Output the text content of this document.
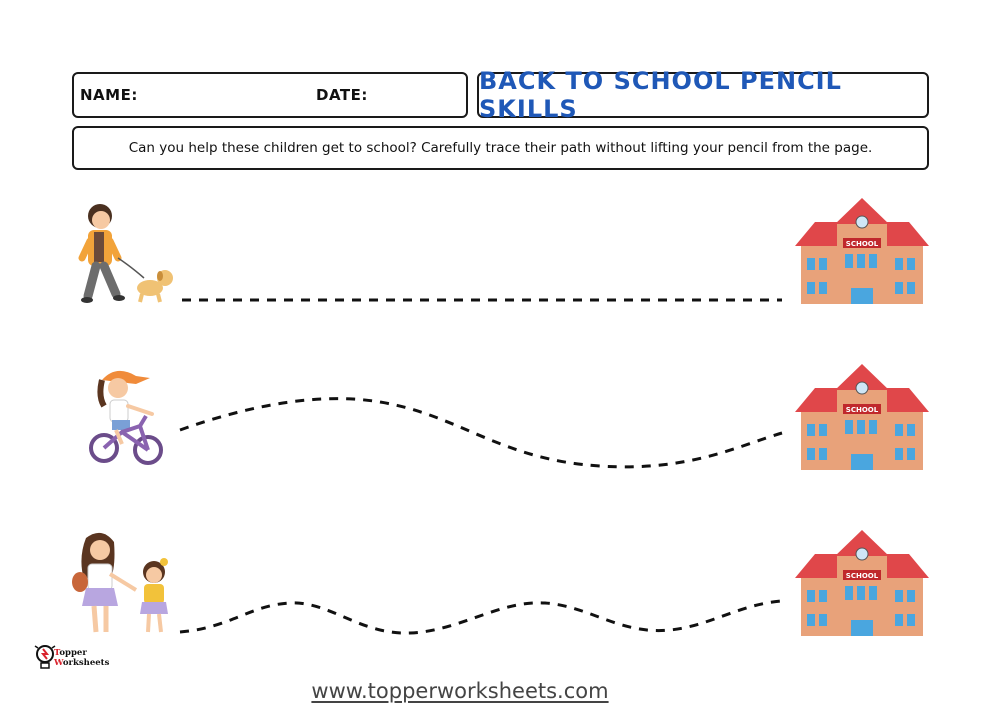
NAME:	DATE:	BACK TO SCHOOL PENCIL SKILLS
Can you help these children get to school? Carefully trace their path without lifting your pencil from the page.
SCHOOL
SCHOOL
SCHOOL
Topper
Worksheets
www.topperworksheets.com
